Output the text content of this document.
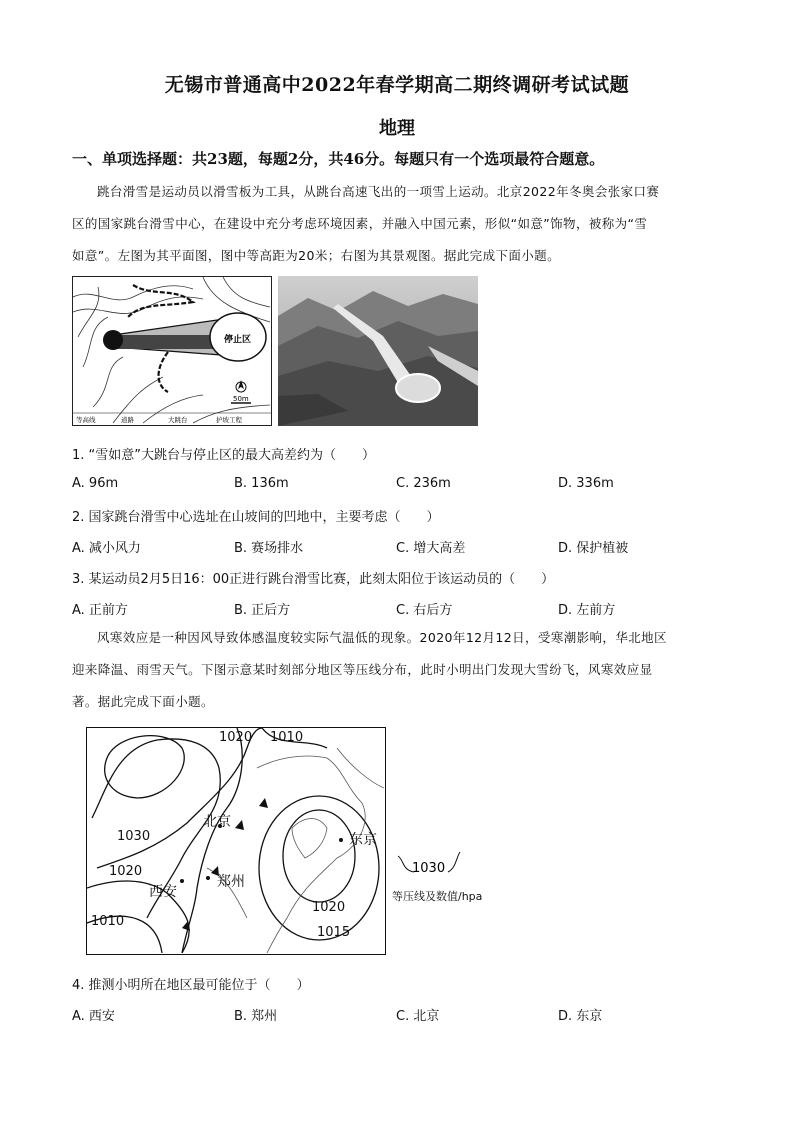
无锡市普通高中2022年春学期高二期终调研考试试题
地理
一、单项选择题：共23题，每题2分，共46分。每题只有一个选项最符合题意。
跳台滑雪是运动员以滑雪板为工具，从跳台高速飞出的一项雪上运动。北京2022年冬奥会张家口赛
区的国家跳台滑雪中心，在建设中充分考虑环境因素，并融入中国元素，形似“如意”饰物，被称为“雪
如意”。左图为其平面图，图中等高距为20米；右图为其景观图。据此完成下面小题。
停止区
50m
等高线	道路	大跳台	护坡工程
1. “雪如意”大跳台与停止区的最大高差约为（　　）
A. 96m	B. 136m	C. 236m	D. 336m
2. 国家跳台滑雪中心选址在山坡间的凹地中，主要考虑（　　）
A. 减小风力	B. 赛场排水	C. 增大高差	D. 保护植被
3. 某运动员2月5日16：00正进行跳台滑雪比赛，此刻太阳位于该运动员的（　　）
A. 正前方	B. 正后方	C. 右后方	D. 左前方
风寒效应是一种因风导致体感温度较实际气温低的现象。2020年12月12日，受寒潮影响，华北地区
迎来降温、雨雪天气。下图示意某时刻部分地区等压线分布，此时小明出门发现大雪纷飞，风寒效应显
著。据此完成下面小题。
1020 1010
1030
1020
1010
1020
1015
北京
东京
郑州
西安
1030
等压线及数值/hpa
4. 推测小明所在地区最可能位于（　　）
A. 西安	B. 郑州	C. 北京	D. 东京
